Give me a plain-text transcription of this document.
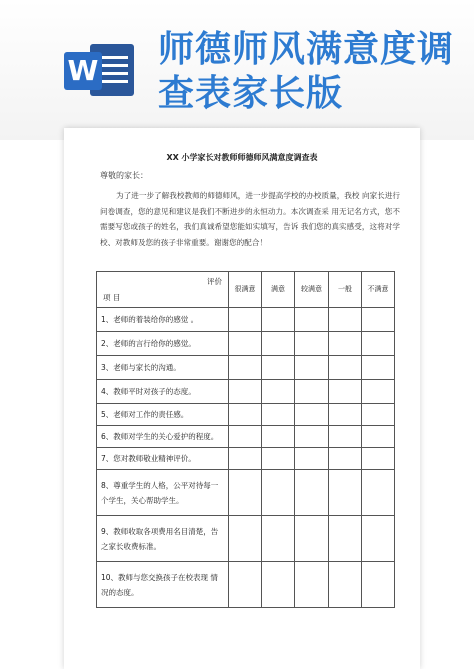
W
师德师风满意度调
查表家长版
XX 小学家长对教师师德师风满意度调查表
尊敬的家长：
为了进一步了解我校教师的师德师风，进一步提高学校的办校质量，我校 向家长进行问卷调查，您的意见和建议是我们不断进步的永恒动力。本次调查采 用无记名方式，您不需要写您或孩子的姓名，我们真诚希望您能如实填写，告诉 我们您的真实感受，这将对学校、对教师及您的孩子非常重要。谢谢您的配合！
评价
项 目	很满意	满意	较满意	一般	不满意
1、老师的着装给你的感觉 。					
2、老师的言行给你的感觉。					
3、老师与家长的沟通。					
4、教师平时对孩子的态度。					
5、老师对工作的责任感。					
6、教师对学生的关心爱护的程度。					
7、您对教师敬业精神评价。					
8、尊重学生的人格，公平对待每一个学生，关心帮助学生。					
9、教师收取各项费用名目清楚，告之家长收费标准。					
10、教师与您交换孩子在校表现 情况的态度。					
